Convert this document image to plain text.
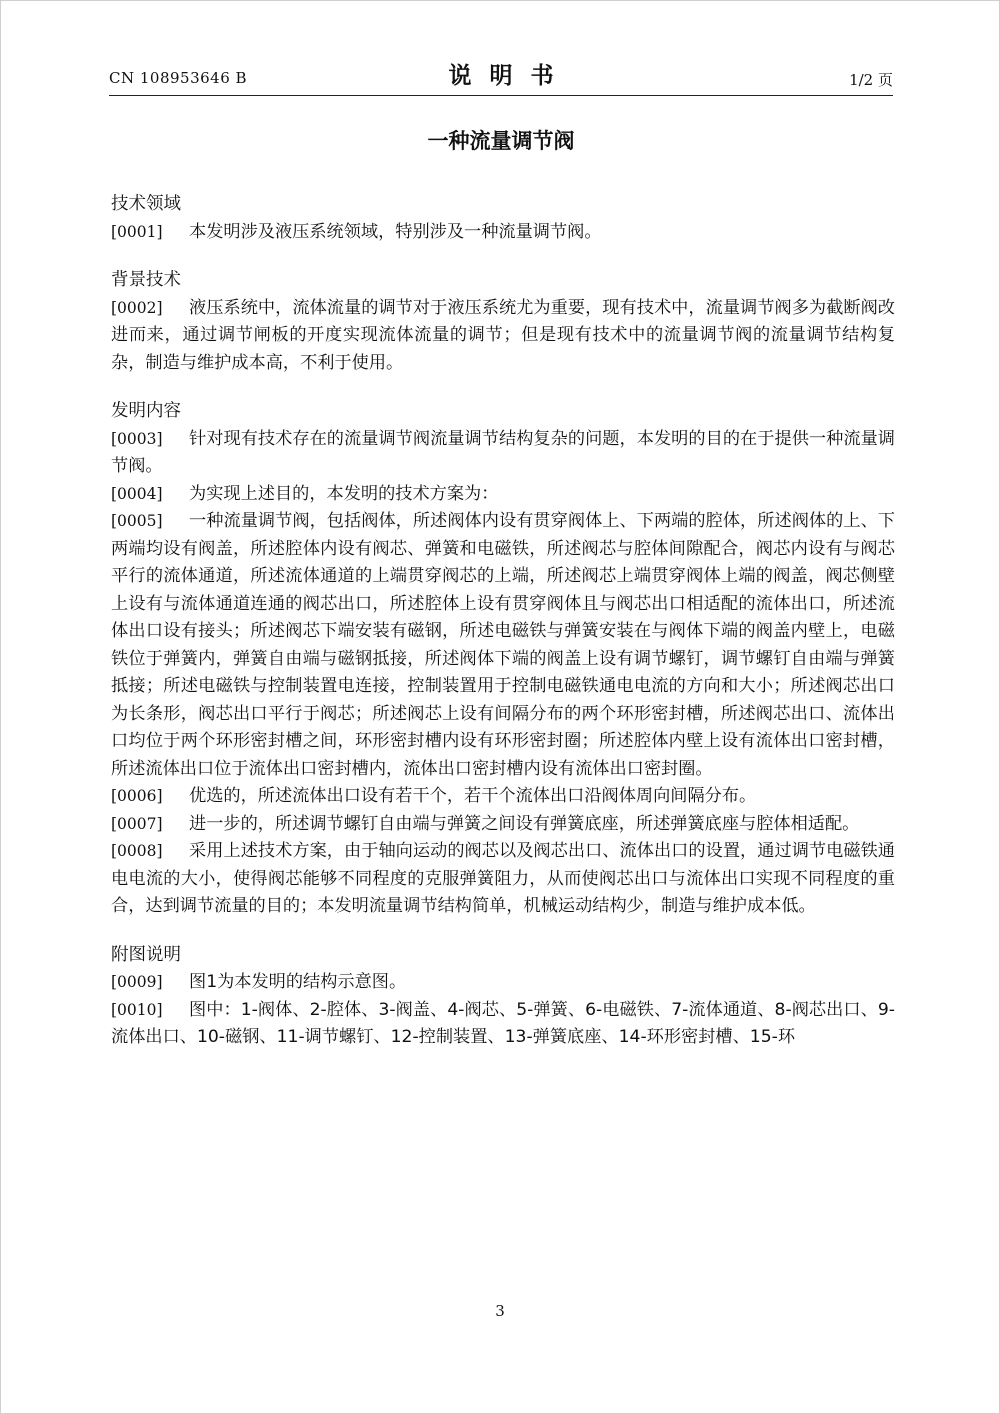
CN 108953646 B	说明书	1/2 页
一种流量调节阀
技术领域

[0001] 本发明涉及液压系统领域，特别涉及一种流量调节阀。

背景技术

[0002] 液压系统中，流体流量的调节对于液压系统尤为重要，现有技术中，流量调节阀多为截断阀改进而来，通过调节闸板的开度实现流体流量的调节；但是现有技术中的流量调节阀的流量调节结构复杂，制造与维护成本高，不利于使用。

发明内容

[0003] 针对现有技术存在的流量调节阀流量调节结构复杂的问题，本发明的目的在于提供一种流量调节阀。

[0004] 为实现上述目的，本发明的技术方案为：

[0005] 一种流量调节阀，包括阀体，所述阀体内设有贯穿阀体上、下两端的腔体，所述阀体的上、下两端均设有阀盖，所述腔体内设有阀芯、弹簧和电磁铁，所述阀芯与腔体间隙配合，阀芯内设有与阀芯平行的流体通道，所述流体通道的上端贯穿阀芯的上端，所述阀芯上端贯穿阀体上端的阀盖，阀芯侧壁上设有与流体通道连通的阀芯出口，所述腔体上设有贯穿阀体且与阀芯出口相适配的流体出口，所述流体出口设有接头；所述阀芯下端安装有磁钢，所述电磁铁与弹簧安装在与阀体下端的阀盖内壁上，电磁铁位于弹簧内，弹簧自由端与磁钢抵接，所述阀体下端的阀盖上设有调节螺钉，调节螺钉自由端与弹簧抵接；所述电磁铁与控制装置电连接，控制装置用于控制电磁铁通电电流的方向和大小；所述阀芯出口为长条形，阀芯出口平行于阀芯；所述阀芯上设有间隔分布的两个环形密封槽，所述阀芯出口、流体出口均位于两个环形密封槽之间，环形密封槽内设有环形密封圈；所述腔体内壁上设有流体出口密封槽，所述流体出口位于流体出口密封槽内，流体出口密封槽内设有流体出口密封圈。

[0006] 优选的，所述流体出口设有若干个，若干个流体出口沿阀体周向间隔分布。

[0007] 进一步的，所述调节螺钉自由端与弹簧之间设有弹簧底座，所述弹簧底座与腔体相适配。

[0008] 采用上述技术方案，由于轴向运动的阀芯以及阀芯出口、流体出口的设置，通过调节电磁铁通电电流的大小，使得阀芯能够不同程度的克服弹簧阻力，从而使阀芯出口与流体出口实现不同程度的重合，达到调节流量的目的；本发明流量调节结构简单，机械运动结构少，制造与维护成本低。

附图说明

[0009] 图1为本发明的结构示意图。

[0010] 图中：1-阀体、2-腔体、3-阀盖、4-阀芯、5-弹簧、6-电磁铁、7-流体通道、8-阀芯出口、9-流体出口、10-磁钢、11-调节螺钉、12-控制装置、13-弹簧底座、14-环形密封槽、15-环

3
